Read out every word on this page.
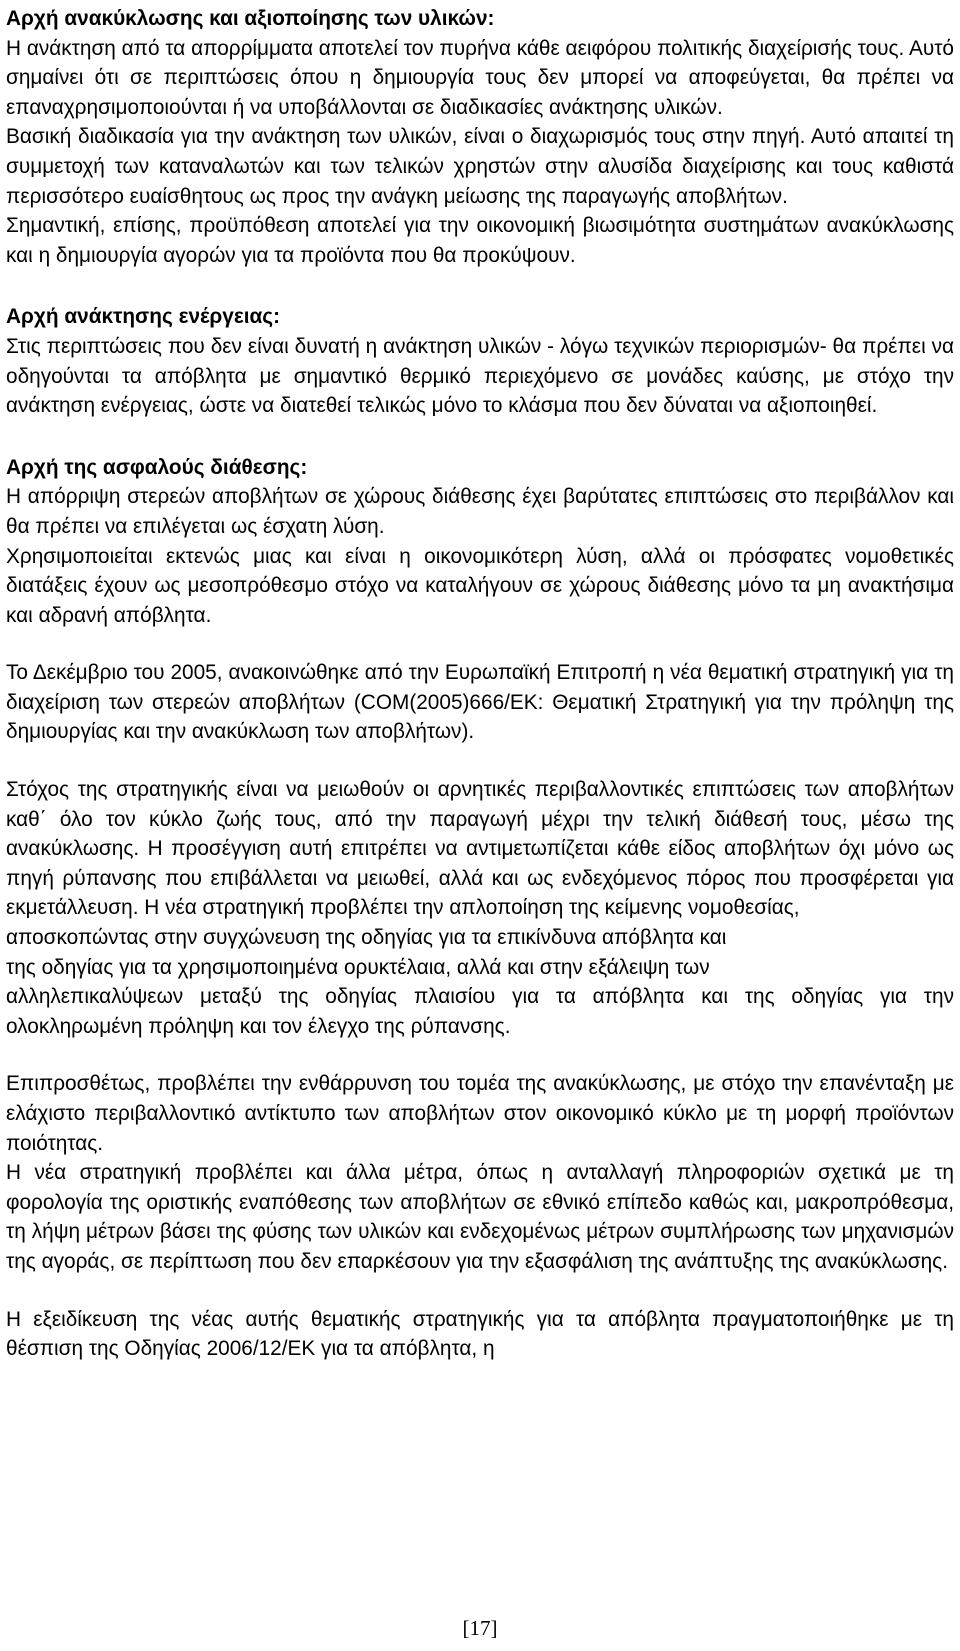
Αρχή ανακύκλωσης και αξιοποίησης των υλικών:

Η ανάκτηση από τα απορρίμματα αποτελεί τον πυρήνα κάθε αειφόρου πολιτικής διαχείρισής τους. Αυτό σημαίνει ότι σε περιπτώσεις όπου η δημιουργία τους δεν μπορεί να αποφεύγεται, θα πρέπει να επαναχρησιμοποιούνται ή να υποβάλλονται σε διαδικασίες ανάκτησης υλικών.

Βασική διαδικασία για την ανάκτηση των υλικών, είναι ο διαχωρισμός τους στην πηγή. Αυτό απαιτεί τη συμμετοχή των καταναλωτών και των τελικών χρηστών στην αλυσίδα διαχείρισης και τους καθιστά περισσότερο ευαίσθητους ως προς την ανάγκη μείωσης της παραγωγής αποβλήτων.

Σημαντική, επίσης, προϋπόθεση αποτελεί για την οικονομική βιωσιμότητα συστημάτων ανακύκλωσης και η δημιουργία αγορών για τα προϊόντα που θα προκύψουν.

Αρχή ανάκτησης ενέργειας:

Στις περιπτώσεις που δεν είναι δυνατή η ανάκτηση υλικών - λόγω τεχνικών περιορισμών- θα πρέπει να οδηγούνται τα απόβλητα με σημαντικό θερμικό περιεχόμενο σε μονάδες καύσης, με στόχο την ανάκτηση ενέργειας, ώστε να διατεθεί τελικώς μόνο το κλάσμα που δεν δύναται να αξιοποιηθεί.

Αρχή της ασφαλούς διάθεσης:

Η απόρριψη στερεών αποβλήτων σε χώρους διάθεσης έχει βαρύτατες επιπτώσεις στο περιβάλλον και θα πρέπει να επιλέγεται ως έσχατη λύση.

Χρησιμοποιείται εκτενώς μιας και είναι η οικονομικότερη λύση, αλλά οι πρόσφατες νομοθετικές διατάξεις έχουν ως μεσοπρόθεσμο στόχο να καταλήγουν σε χώρους διάθεσης μόνο τα μη ανακτήσιμα και αδρανή απόβλητα.

Το Δεκέμβριο του 2005, ανακοινώθηκε από την Ευρωπαϊκή Επιτροπή η νέα θεματική στρατηγική για τη διαχείριση των στερεών αποβλήτων (COM(2005)666/ΕΚ: Θεματική Στρατηγική για την πρόληψη της δημιουργίας και την ανακύκλωση των αποβλήτων).

Στόχος της στρατηγικής είναι να μειωθούν οι αρνητικές περιβαλλοντικές επιπτώσεις των αποβλήτων καθ΄ όλο τον κύκλο ζωής τους, από την παραγωγή μέχρι την τελική διάθεσή τους, μέσω της ανακύκλωσης. Η προσέγγιση αυτή επιτρέπει να αντιμετωπίζεται κάθε είδος αποβλήτων όχι μόνο ως πηγή ρύπανσης που επιβάλλεται να μειωθεί, αλλά και ως ενδεχόμενος πόρος που προσφέρεται για εκμετάλλευση. Η νέα στρατηγική προβλέπει την απλοποίηση της κείμενης νομοθεσίας,

αποσκοπώντας στην συγχώνευση της οδηγίας για τα επικίνδυνα απόβλητα και

της οδηγίας για τα χρησιμοποιημένα ορυκτέλαια, αλλά και στην εξάλειψη των

αλληλεπικαλύψεων μεταξύ της οδηγίας πλαισίου για τα απόβλητα και της οδηγίας για την ολοκληρωμένη πρόληψη και τον έλεγχο της ρύπανσης.

Επιπροσθέτως, προβλέπει την ενθάρρυνση του τομέα της ανακύκλωσης, με στόχο την επανένταξη με ελάχιστο περιβαλλοντικό αντίκτυπο των αποβλήτων στον οικονομικό κύκλο με τη μορφή προϊόντων ποιότητας.

Η νέα στρατηγική προβλέπει και άλλα μέτρα, όπως η ανταλλαγή πληροφοριών σχετικά με τη φορολογία της οριστικής εναπόθεσης των αποβλήτων σε εθνικό επίπεδο καθώς και, μακροπρόθεσμα, τη λήψη μέτρων βάσει της φύσης των υλικών και ενδεχομένως μέτρων συμπλήρωσης των μηχανισμών της αγοράς, σε περίπτωση που δεν επαρκέσουν για την εξασφάλιση της ανάπτυξης της ανακύκλωσης.

Η εξειδίκευση της νέας αυτής θεματικής στρατηγικής για τα απόβλητα πραγματοποιήθηκε με τη θέσπιση της Οδηγίας 2006/12/ΕΚ για τα απόβλητα, η

[17]
